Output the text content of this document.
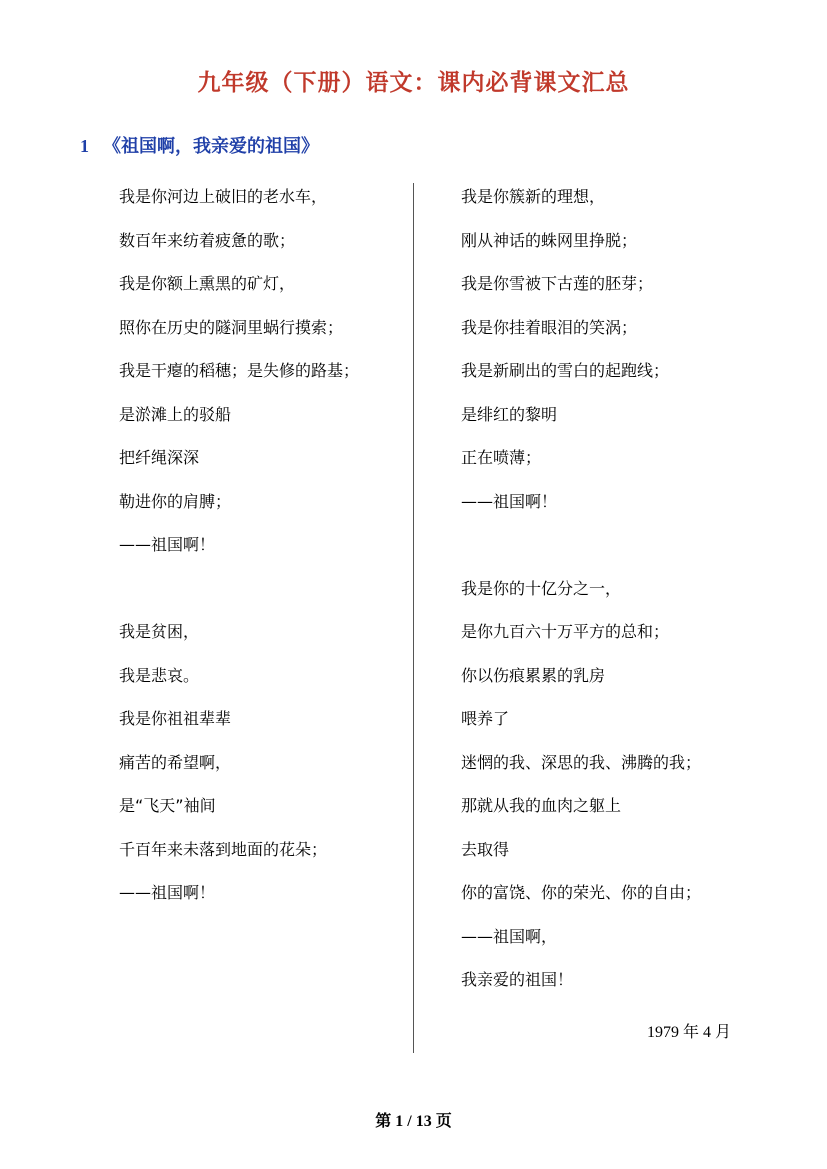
九年级（下册）语文：课内必背课文汇总
1 《祖国啊，我亲爱的祖国》
我是你河边上破旧的老水车，
数百年来纺着疲惫的歌；
我是你额上熏黑的矿灯，
照你在历史的隧洞里蜗行摸索；
我是干瘪的稻穗；是失修的路基；
是淤滩上的驳船
把纤绳深深
勒进你的肩膊；
——祖国啊！
我是贫困，
我是悲哀。
我是你祖祖辈辈
痛苦的希望啊，
是“飞天”袖间
千百年来未落到地面的花朵；
——祖国啊！
我是你簇新的理想，
刚从神话的蛛网里挣脱；
我是你雪被下古莲的胚芽；
我是你挂着眼泪的笑涡；
我是新刷出的雪白的起跑线；
是绯红的黎明
正在喷薄；
——祖国啊！
我是你的十亿分之一，
是你九百六十万平方的总和；
你以伤痕累累的乳房
喂养了
迷惘的我、深思的我、沸腾的我；
那就从我的血肉之躯上
去取得
你的富饶、你的荣光、你的自由；
——祖国啊，
我亲爱的祖国！
1979 年 4 月
第 1 / 13 页
